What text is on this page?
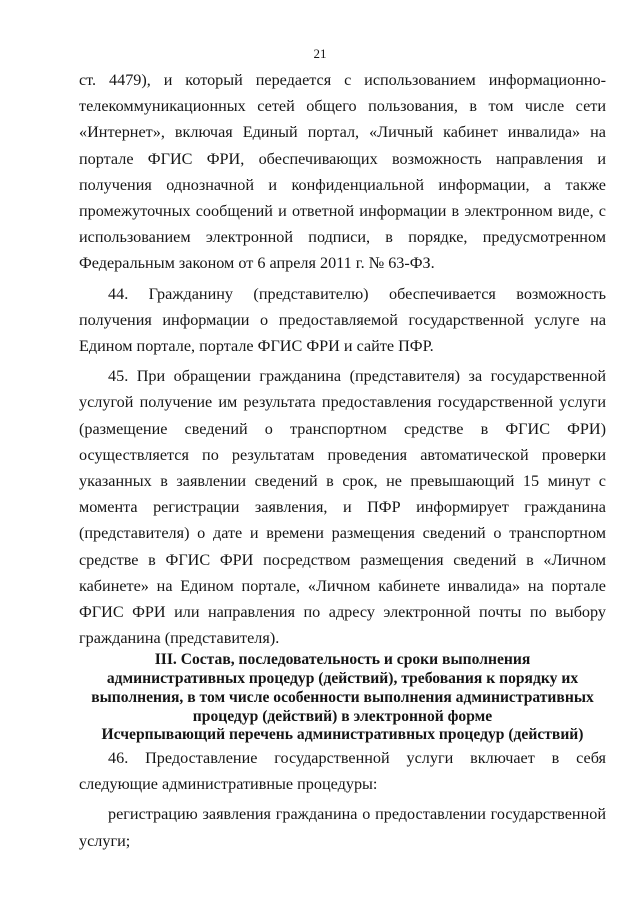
21

ст. 4479), и который передается с использованием информационно-телекоммуникационных сетей общего пользования, в том числе сети «Интернет», включая Единый портал, «Личный кабинет инвалида» на портале ФГИС ФРИ, обеспечивающих возможность направления и получения однозначной и конфиденциальной информации, а также промежуточных сообщений и ответной информации в электронном виде, с использованием электронной подписи, в порядке, предусмотренном Федеральным законом от 6 апреля 2011 г. № 63-ФЗ.

44. Гражданину (представителю) обеспечивается возможность получения информации о предоставляемой государственной услуге на Едином портале, портале ФГИС ФРИ и сайте ПФР.

45. При обращении гражданина (представителя) за государственной услугой получение им результата предоставления государственной услуги (размещение сведений о транспортном средстве в ФГИС ФРИ) осуществляется по результатам проведения автоматической проверки указанных в заявлении сведений в срок, не превышающий 15 минут с момента регистрации заявления, и ПФР информирует гражданина (представителя) о дате и времени размещения сведений о транспортном средстве в ФГИС ФРИ посредством размещения сведений в «Личном кабинете» на Едином портале, «Личном кабинете инвалида» на портале ФГИС ФРИ или направления по адресу электронной почты по выбору гражданина (представителя).

III. Состав, последовательность и сроки выполнения административных процедур (действий), требования к порядку их выполнения, в том числе особенности выполнения административных процедур (действий) в электронной форме

Исчерпывающий перечень административных процедур (действий)

46. Предоставление государственной услуги включает в себя следующие административные процедуры:

регистрацию заявления гражданина о предоставлении государственной услуги;
